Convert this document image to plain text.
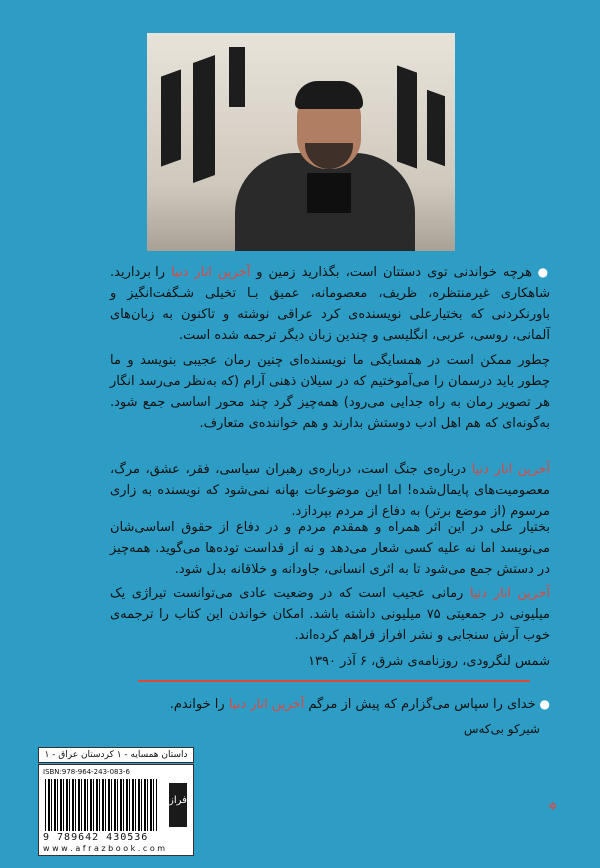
● هرچه خواندنی توی دستتان است، بگذارید زمین و آخرین انار دنیا را بردارید. شاهکاری غیرمنتظره، ظریف، معصومانه، عمیق بـا تخیلی شـگفت‌انگیز و باورنکردنی که بختیارعلی نویسنده‌ی کرد عراقی نوشته و تاکنون به زبان‌های آلمانی، روسی، عربی، انگلیسی و چندین زبان دیگر ترجمه شده است.
چطور ممکن است در همسایگی ما نویسنده‌ای چنین رمان عجیبی بنویسد و ما چطور باید درسمان را می‌آموختیم که در سیلان ذهنی آرام (که به‌نظر می‌رسد انگار هر تصویر رمان به راه جدایی می‌رود) همه‌چیز گرد چند محور اساسی جمع شود. به‌گونه‌ای که هم اهل ادب دوستش بدارند و هم خواننده‌ی متعارف.
آخرین انار دنیا درباره‌ی جنگ است، درباره‌ی رهبران سیاسی، فقر، عشق، مرگ، معصومیت‌های پایمال‌شده! اما این موضوعات بهانه نمی‌شود که نویسنده به زاری مرسوم (از موضع برتر) به دفاع از مردم بپردازد.
بختیار علی در این اثر همراه و همقدم مردم و در دفاع از حقوق اساسی‌شان می‌نویسد اما نه علیه کسی شعار می‌دهد و نه از قداست توده‌ها می‌گوید. همه‌چیز در دستش جمع می‌شود تا به اثری انسانی، جاودانه و خلاقانه بدل شود.
آخرین انار دنیا رمانی عجیب است که در وضعیت عادی می‌توانست تیراژی یک میلیونی در جمعیتی ۷۵ میلیونی داشته باشد. امکان خواندن این کتاب را ترجمه‌ی خوب آرش سنجابی و نشر افراز فراهم کرده‌اند.
شمس لنگرودی، روزنامه‌ی شرق، ۶ آذر ۱۳۹۰
● خدای را سپاس می‌گزارم که پیش از مرگم آخرین انار دنیا را خواندم.
شیرکو بی‌کەس
داستان همسایه - ۱ کردستان عراق - ۱
ISBN:978-964-243-083-6
9 789642 430536
w w w . a f r a z b o o k . c o m
افراز	✲
